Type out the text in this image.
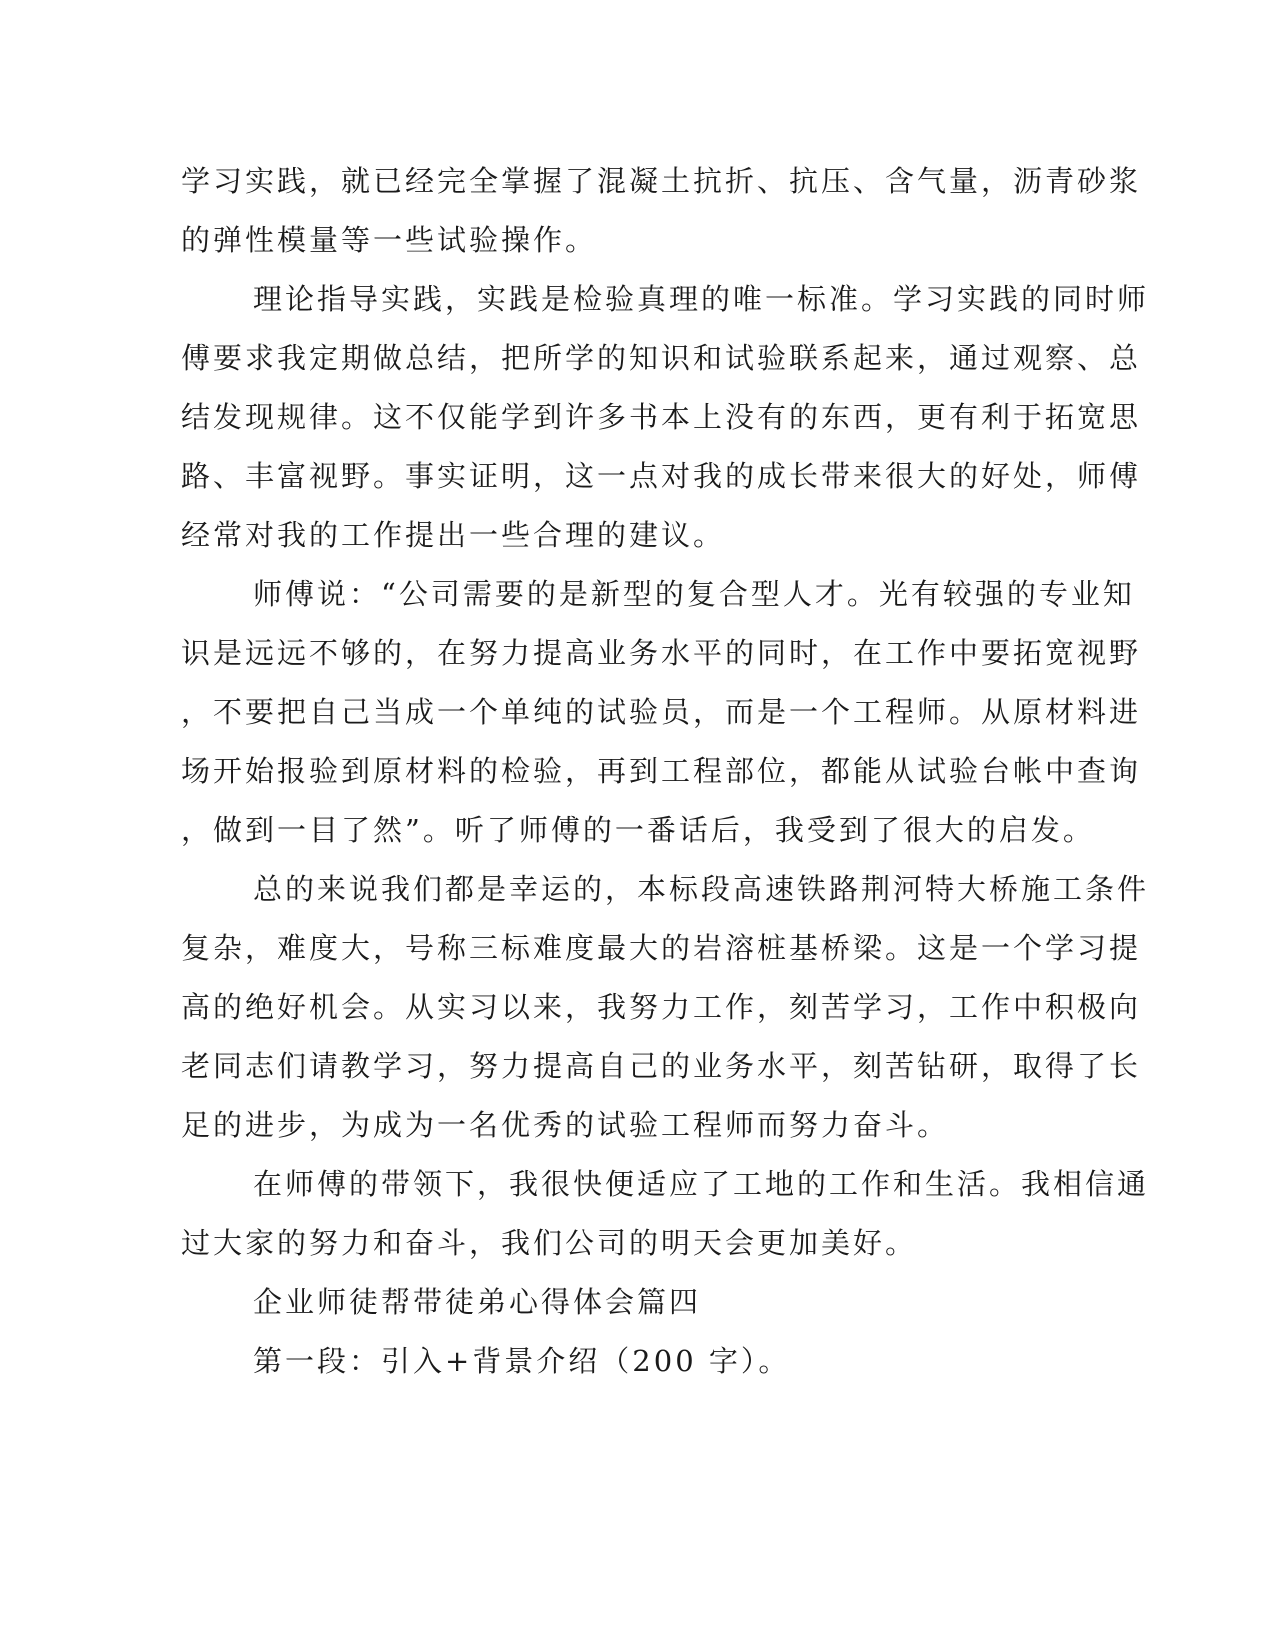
学习实践，就已经完全掌握了混凝土抗折、抗压、含气量，沥青砂浆

的弹性模量等一些试验操作。

理论指导实践，实践是检验真理的唯一标准。学习实践的同时师

傅要求我定期做总结，把所学的知识和试验联系起来，通过观察、总

结发现规律。这不仅能学到许多书本上没有的东西，更有利于拓宽思

路、丰富视野。事实证明，这一点对我的成长带来很大的好处，师傅

经常对我的工作提出一些合理的建议。

师傅说：“公司需要的是新型的复合型人才。光有较强的专业知

识是远远不够的，在努力提高业务水平的同时，在工作中要拓宽视野

，不要把自己当成一个单纯的试验员，而是一个工程师。从原材料进

场开始报验到原材料的检验，再到工程部位，都能从试验台帐中查询

，做到一目了然”。听了师傅的一番话后，我受到了很大的启发。

总的来说我们都是幸运的，本标段高速铁路荆河特大桥施工条件

复杂，难度大，号称三标难度最大的岩溶桩基桥梁。这是一个学习提

高的绝好机会。从实习以来，我努力工作，刻苦学习，工作中积极向

老同志们请教学习，努力提高自己的业务水平，刻苦钻研，取得了长

足的进步，为成为一名优秀的试验工程师而努力奋斗。

在师傅的带领下，我很快便适应了工地的工作和生活。我相信通

过大家的努力和奋斗，我们公司的明天会更加美好。

企业师徒帮带徒弟心得体会篇四

第一段：引入+背景介绍（200 字）。
